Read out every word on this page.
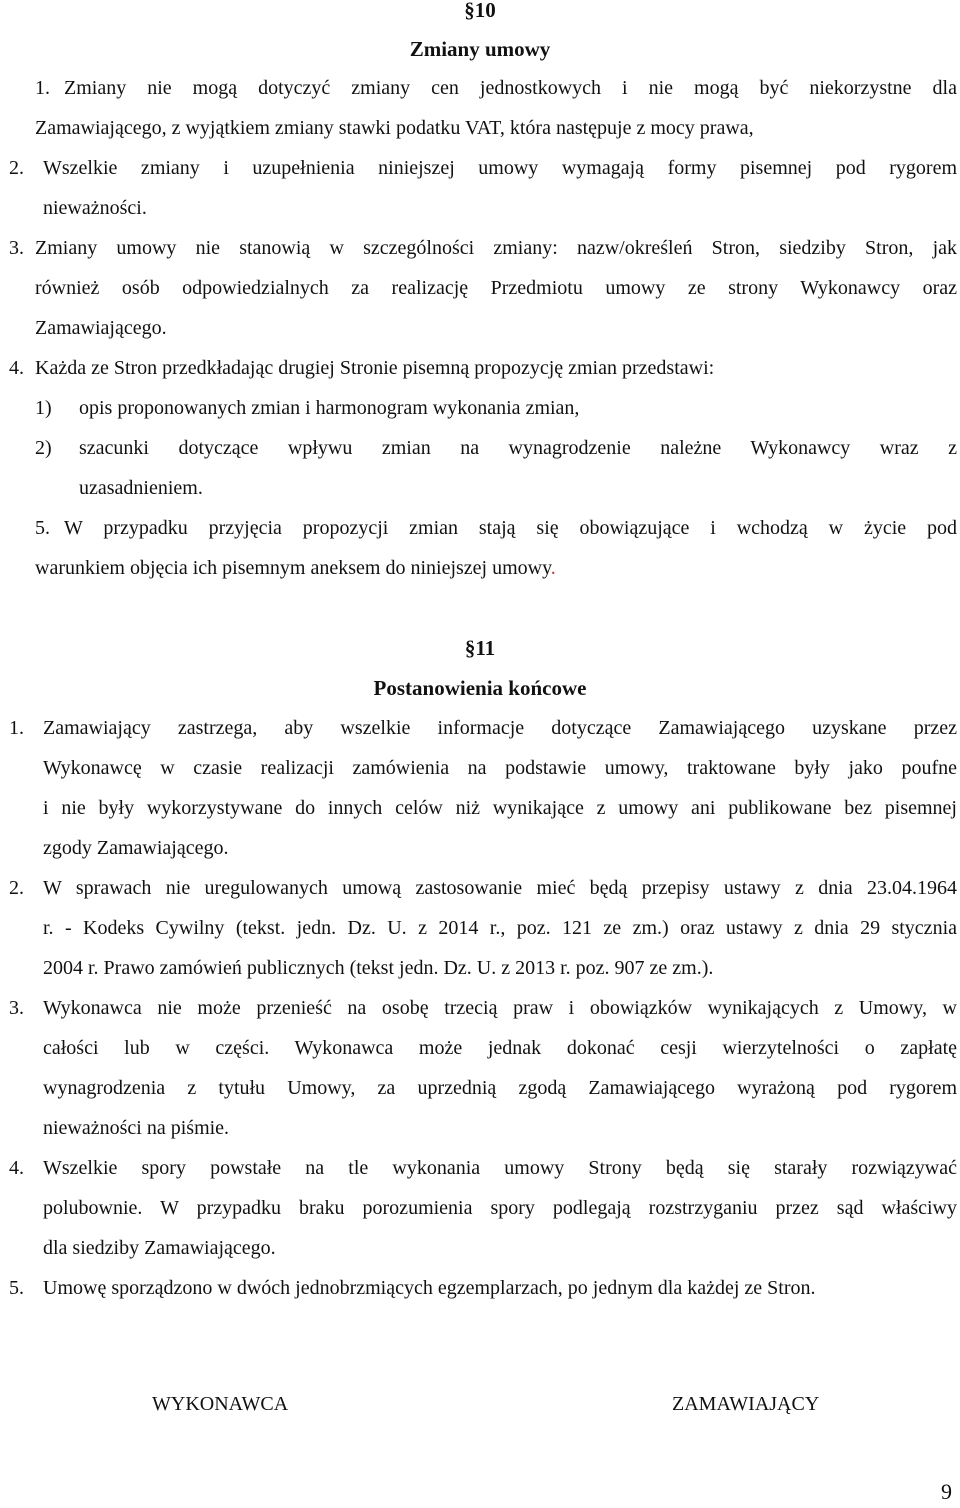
§10
Zmiany umowy
1. Zmiany nie mogą dotyczyć zmiany cen jednostkowych i nie mogą być niekorzystne dla
Zamawiającego, z wyjątkiem zmiany stawki podatku VAT, która następuje z mocy prawa,
2. Wszelkie zmiany i uzupełnienia niniejszej umowy wymagają formy pisemnej pod rygorem
nieważności.
3. Zmiany umowy nie stanowią w szczególności zmiany: nazw/określeń Stron, siedziby Stron, jak
również osób odpowiedzialnych za realizację Przedmiotu umowy ze strony Wykonawcy oraz
Zamawiającego.
4. Każda ze Stron przedkładając drugiej Stronie pisemną propozycję zmian przedstawi:
1) opis proponowanych zmian i harmonogram wykonania zmian,
2) szacunki dotyczące wpływu zmian na wynagrodzenie należne Wykonawcy wraz z
uzasadnieniem.
5. W przypadku przyjęcia propozycji zmian stają się obowiązujące i wchodzą w życie pod
warunkiem objęcia ich pisemnym aneksem do niniejszej umowy.
§11
Postanowienia końcowe
1. Zamawiający zastrzega, aby wszelkie informacje dotyczące Zamawiającego uzyskane przez
Wykonawcę w czasie realizacji zamówienia na podstawie umowy, traktowane były jako poufne
i nie były wykorzystywane do innych celów niż wynikające z umowy ani publikowane bez pisemnej
zgody Zamawiającego.
2. W sprawach nie uregulowanych umową zastosowanie mieć będą przepisy ustawy z dnia 23.04.1964
r. - Kodeks Cywilny (tekst. jedn. Dz. U. z 2014 r., poz. 121 ze zm.) oraz ustawy z dnia 29 stycznia
2004 r. Prawo zamówień publicznych (tekst jedn. Dz. U. z 2013 r. poz. 907 ze zm.).
3. Wykonawca nie może przenieść na osobę trzecią praw i obowiązków wynikających z Umowy, w
całości lub w części. Wykonawca może jednak dokonać cesji wierzytelności o zapłatę
wynagrodzenia z tytułu Umowy, za uprzednią zgodą Zamawiającego wyrażoną pod rygorem
nieważności na piśmie.
4. Wszelkie spory powstałe na tle wykonania umowy Strony będą się starały rozwiązywać
polubownie. W przypadku braku porozumienia spory podlegają rozstrzyganiu przez sąd właściwy
dla siedziby Zamawiającego.
5. Umowę sporządzono w dwóch jednobrzmiących egzemplarzach, po jednym dla każdej ze Stron.
WYKONAWCA	ZAMAWIAJĄCY
9
